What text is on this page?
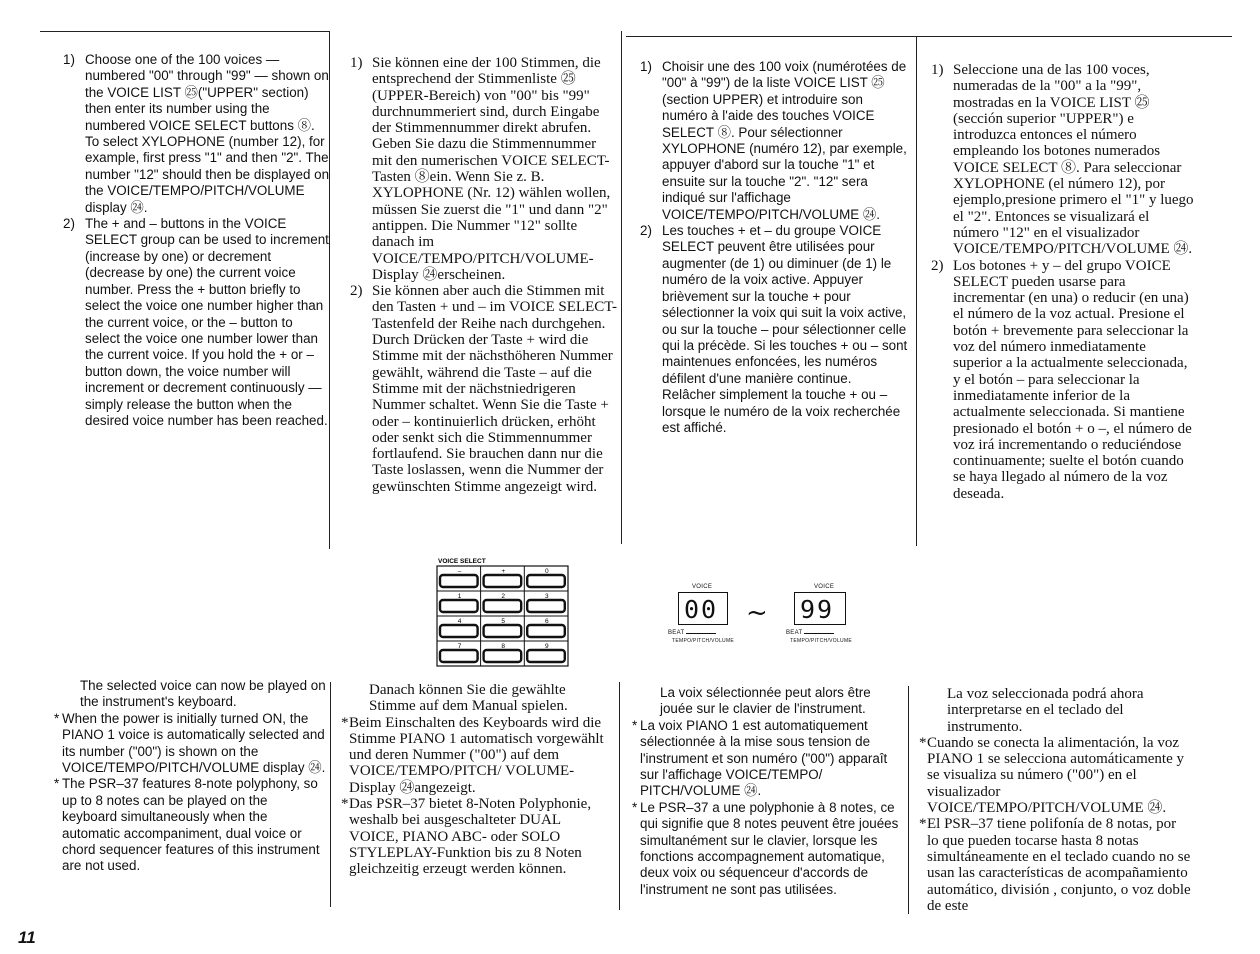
1) Choose one of the 100 voices — numbered "00" through "99" — shown on the VOICE LIST ㉕("UPPER" section) then enter its number using the numbered VOICE SELECT buttons ⑧. To select XYLOPHONE (number 12), for example, first press "1" and then "2". The number "12" should then be displayed on the VOICE/TEMPO/PITCH/VOLUME display ㉔.
2) The + and – buttons in the VOICE SELECT group can be used to increment (increase by one) or decrement (decrease by one) the current voice number. Press the + button briefly to select the voice one number higher than the current voice, or the – button to select the voice one number lower than the current voice. If you hold the + or – button down, the voice number will increment or decrement continuously — simply release the button when the desired voice number has been reached.
1) Sie können eine der 100 Stimmen, die entsprechend der Stimmenliste ㉕(UPPER-Bereich) von "00" bis "99" durchnummeriert sind, durch Eingabe der Stimmennummer direkt abrufen. Geben Sie dazu die Stimmennummer mit den numerischen VOICE SELECT-Tasten ⑧ein. Wenn Sie z. B. XYLOPHONE (Nr. 12) wählen wollen, müssen Sie zuerst die "1" und dann "2" antippen. Die Nummer "12" sollte danach im VOICE/TEMPO/PITCH/VOLUME-Display ㉔erscheinen.
2) Sie können aber auch die Stimmen mit den Tasten + und – im VOICE SELECT-Tastenfeld der Reihe nach durchgehen. Durch Drücken der Taste + wird die Stimme mit der nächsthöheren Nummer gewählt, während die Taste – auf die Stimme mit der nächstniedrigeren Nummer schaltet. Wenn Sie die Taste + oder – kontinuierlich drücken, erhöht oder senkt sich die Stimmennummer fortlaufend. Sie brauchen dann nur die Taste loslassen, wenn die Nummer der gewünschten Stimme angezeigt wird.
1) Choisir une des 100 voix (numérotées de "00" à "99") de la liste VOICE LIST ㉕(section UPPER) et introduire son numéro à l'aide des touches VOICE SELECT ⑧. Pour sélectionner XYLOPHONE (numéro 12), par exemple, appuyer d'abord sur la touche "1" et ensuite sur la touche "2". "12" sera indiqué sur l'affichage VOICE/TEMPO/PITCH/VOLUME ㉔.
2) Les touches + et – du groupe VOICE SELECT peuvent être utilisées pour augmenter (de 1) ou diminuer (de 1) le numéro de la voix active. Appuyer brièvement sur la touche + pour sélectionner la voix qui suit la voix active, ou sur la touche – pour sélectionner celle qui la précède. Si les touches + ou – sont maintenues enfoncées, les numéros défilent d'une manière continue. Relâcher simplement la touche + ou – lorsque le numéro de la voix recherchée est affiché.
1) Seleccione una de las 100 voces, numeradas de la "00" a la "99", mostradas en la VOICE LIST ㉕ (sección superior "UPPER") e introduzca entonces el número empleando los botones numerados VOICE SELECT ⑧. Para seleccionar XYLOPHONE (el número 12), por ejemplo,presione primero el "1" y luego el "2". Entonces se visualizará el número "12" en el visualizador VOICE/TEMPO/PITCH/VOLUME ㉔.
2) Los botones + y – del grupo VOICE SELECT pueden usarse para incrementar (en una) o reducir (en una) el número de la voz actual. Presione el botón + brevemente para seleccionar la voz del número inmediatamente superior a la actualmente seleccionada, y el botón – para seleccionar la inmediatamente inferior de la actualmente seleccionada. Si mantiene presionado el botón + o –, el número de voz irá incrementando o reduciéndose continuamente; suelte el botón cuando se haya llegado al número de la voz deseada.
VOICE SELECT
–	+	0
1	2	3
4	5	6
7	8	9
VOICE
00
BEAT
TEMPO/PITCH/VOLUME
~
VOICE
99
BEAT
TEMPO/PITCH/VOLUME

The selected voice can now be played on the instrument's keyboard.

* When the power is initially turned ON, the PIANO 1 voice is automatically selected and its number ("00") is shown on the VOICE/TEMPO/PITCH/VOLUME display ㉔.
* The PSR–37 features 8-note polyphony, so up to 8 notes can be played on the keyboard simultaneously when the automatic accompaniment, dual voice or chord sequencer features of this instrument are not used.

Danach können Sie die gewählte Stimme auf dem Manual spielen.

* Beim Einschalten des Keyboards wird die Stimme PIANO 1 automatisch vorgewählt und deren Nummer ("00") auf dem VOICE/TEMPO/PITCH/ VOLUME-Display ㉔angezeigt.
* Das PSR–37 bietet 8-Noten Polyphonie, weshalb bei ausgeschalteter DUAL VOICE, PIANO ABC- oder SOLO STYLEPLAY-Funktion bis zu 8 Noten gleichzeitig erzeugt werden können.

La voix sélectionnée peut alors être jouée sur le clavier de l'instrument.

* La voix PIANO 1 est automatiquement sélectionnée à la mise sous tension de l'instrument et son numéro ("00") apparaît sur l'affichage VOICE/TEMPO/ PITCH/VOLUME ㉔.
* Le PSR–37 a une polyphonie à 8 notes, ce qui signifie que 8 notes peuvent être jouées simultanément sur le clavier, lorsque les fonctions accompagnement automatique, deux voix ou séquenceur d'accords de l'instrument ne sont pas utilisées.

La voz seleccionada podrá ahora interpretarse en el teclado del instrumento.

* Cuando se conecta la alimentación, la voz PIANO 1 se selecciona automáticamente y se visualiza su número ("00") en el visualizador VOICE/TEMPO/PITCH/VOLUME ㉔.
* El PSR–37 tiene polifonía de 8 notas, por lo que pueden tocarse hasta 8 notas simultáneamente en el teclado cuando no se usan las características de acompañamiento automático, división , conjunto, o voz doble de este
11
